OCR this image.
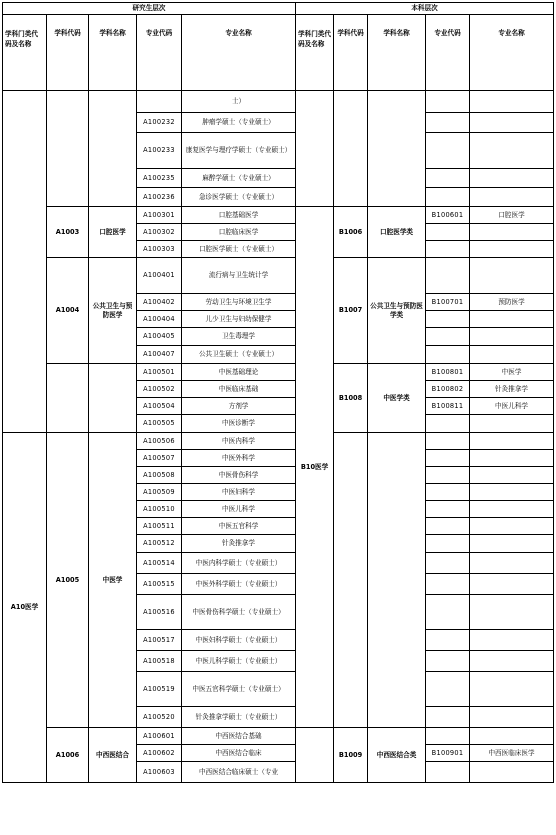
研究生层次					本科层次				
学科门类代码及名称	学科代码	学科名称	专业代码	专业名称	学科门类代码及名称	学科代码	学科名称	专业代码	专业名称
				士）					
			A100232	肿瘤学硕士（专业硕士）					
			A100233	康复医学与理疗学硕士（专业硕士）					
			A100235	麻醉学硕士（专业硕士）					
			A100236	急诊医学硕士（专业硕士）					
	A1003	口腔医学	A100301	口腔基础医学	B10医学	B1006	口腔医学类	B100601	口腔医学
			A100302	口腔临床医学					
			A100303	口腔医学硕士（专业硕士）					
	A1004	公共卫生与预防医学	A100401	流行病与卫生统计学		B1007	公共卫生与预防医学类		
			A100402	劳动卫生与环境卫生学				B100701	预防医学
			A100404	儿少卫生与妇幼保健学					
			A100405	卫生毒理学					
			A100407	公共卫生硕士（专业硕士）					
			A100501	中医基础理论		B1008	中医学类	B100801	中医学
			A100502	中医临床基础				B100802	针灸推拿学
			A100504	方剂学				B100811	中医儿科学
			A100505	中医诊断学					
A10医学	A1005	中医学	A100506	中医内科学					
			A100507	中医外科学					
			A100508	中医骨伤科学					
			A100509	中医妇科学					
			A100510	中医儿科学					
			A100511	中医五官科学					
			A100512	针灸推拿学					
			A100514	中医内科学硕士（专业硕士）					
			A100515	中医外科学硕士（专业硕士）					
			A100516	中医骨伤科学硕士（专业硕士）					
			A100517	中医妇科学硕士（专业硕士）					
			A100518	中医儿科学硕士（专业硕士）					
			A100519	中医五官科学硕士（专业硕士）					
			A100520	针灸推拿学硕士（专业硕士）					
	A1006	中西医结合	A100601	中西医结合基础		B1009	中西医结合类		
			A100602	中西医结合临床				B100901	中西医临床医学
			A100603	中西医结合临床硕士（专业					
